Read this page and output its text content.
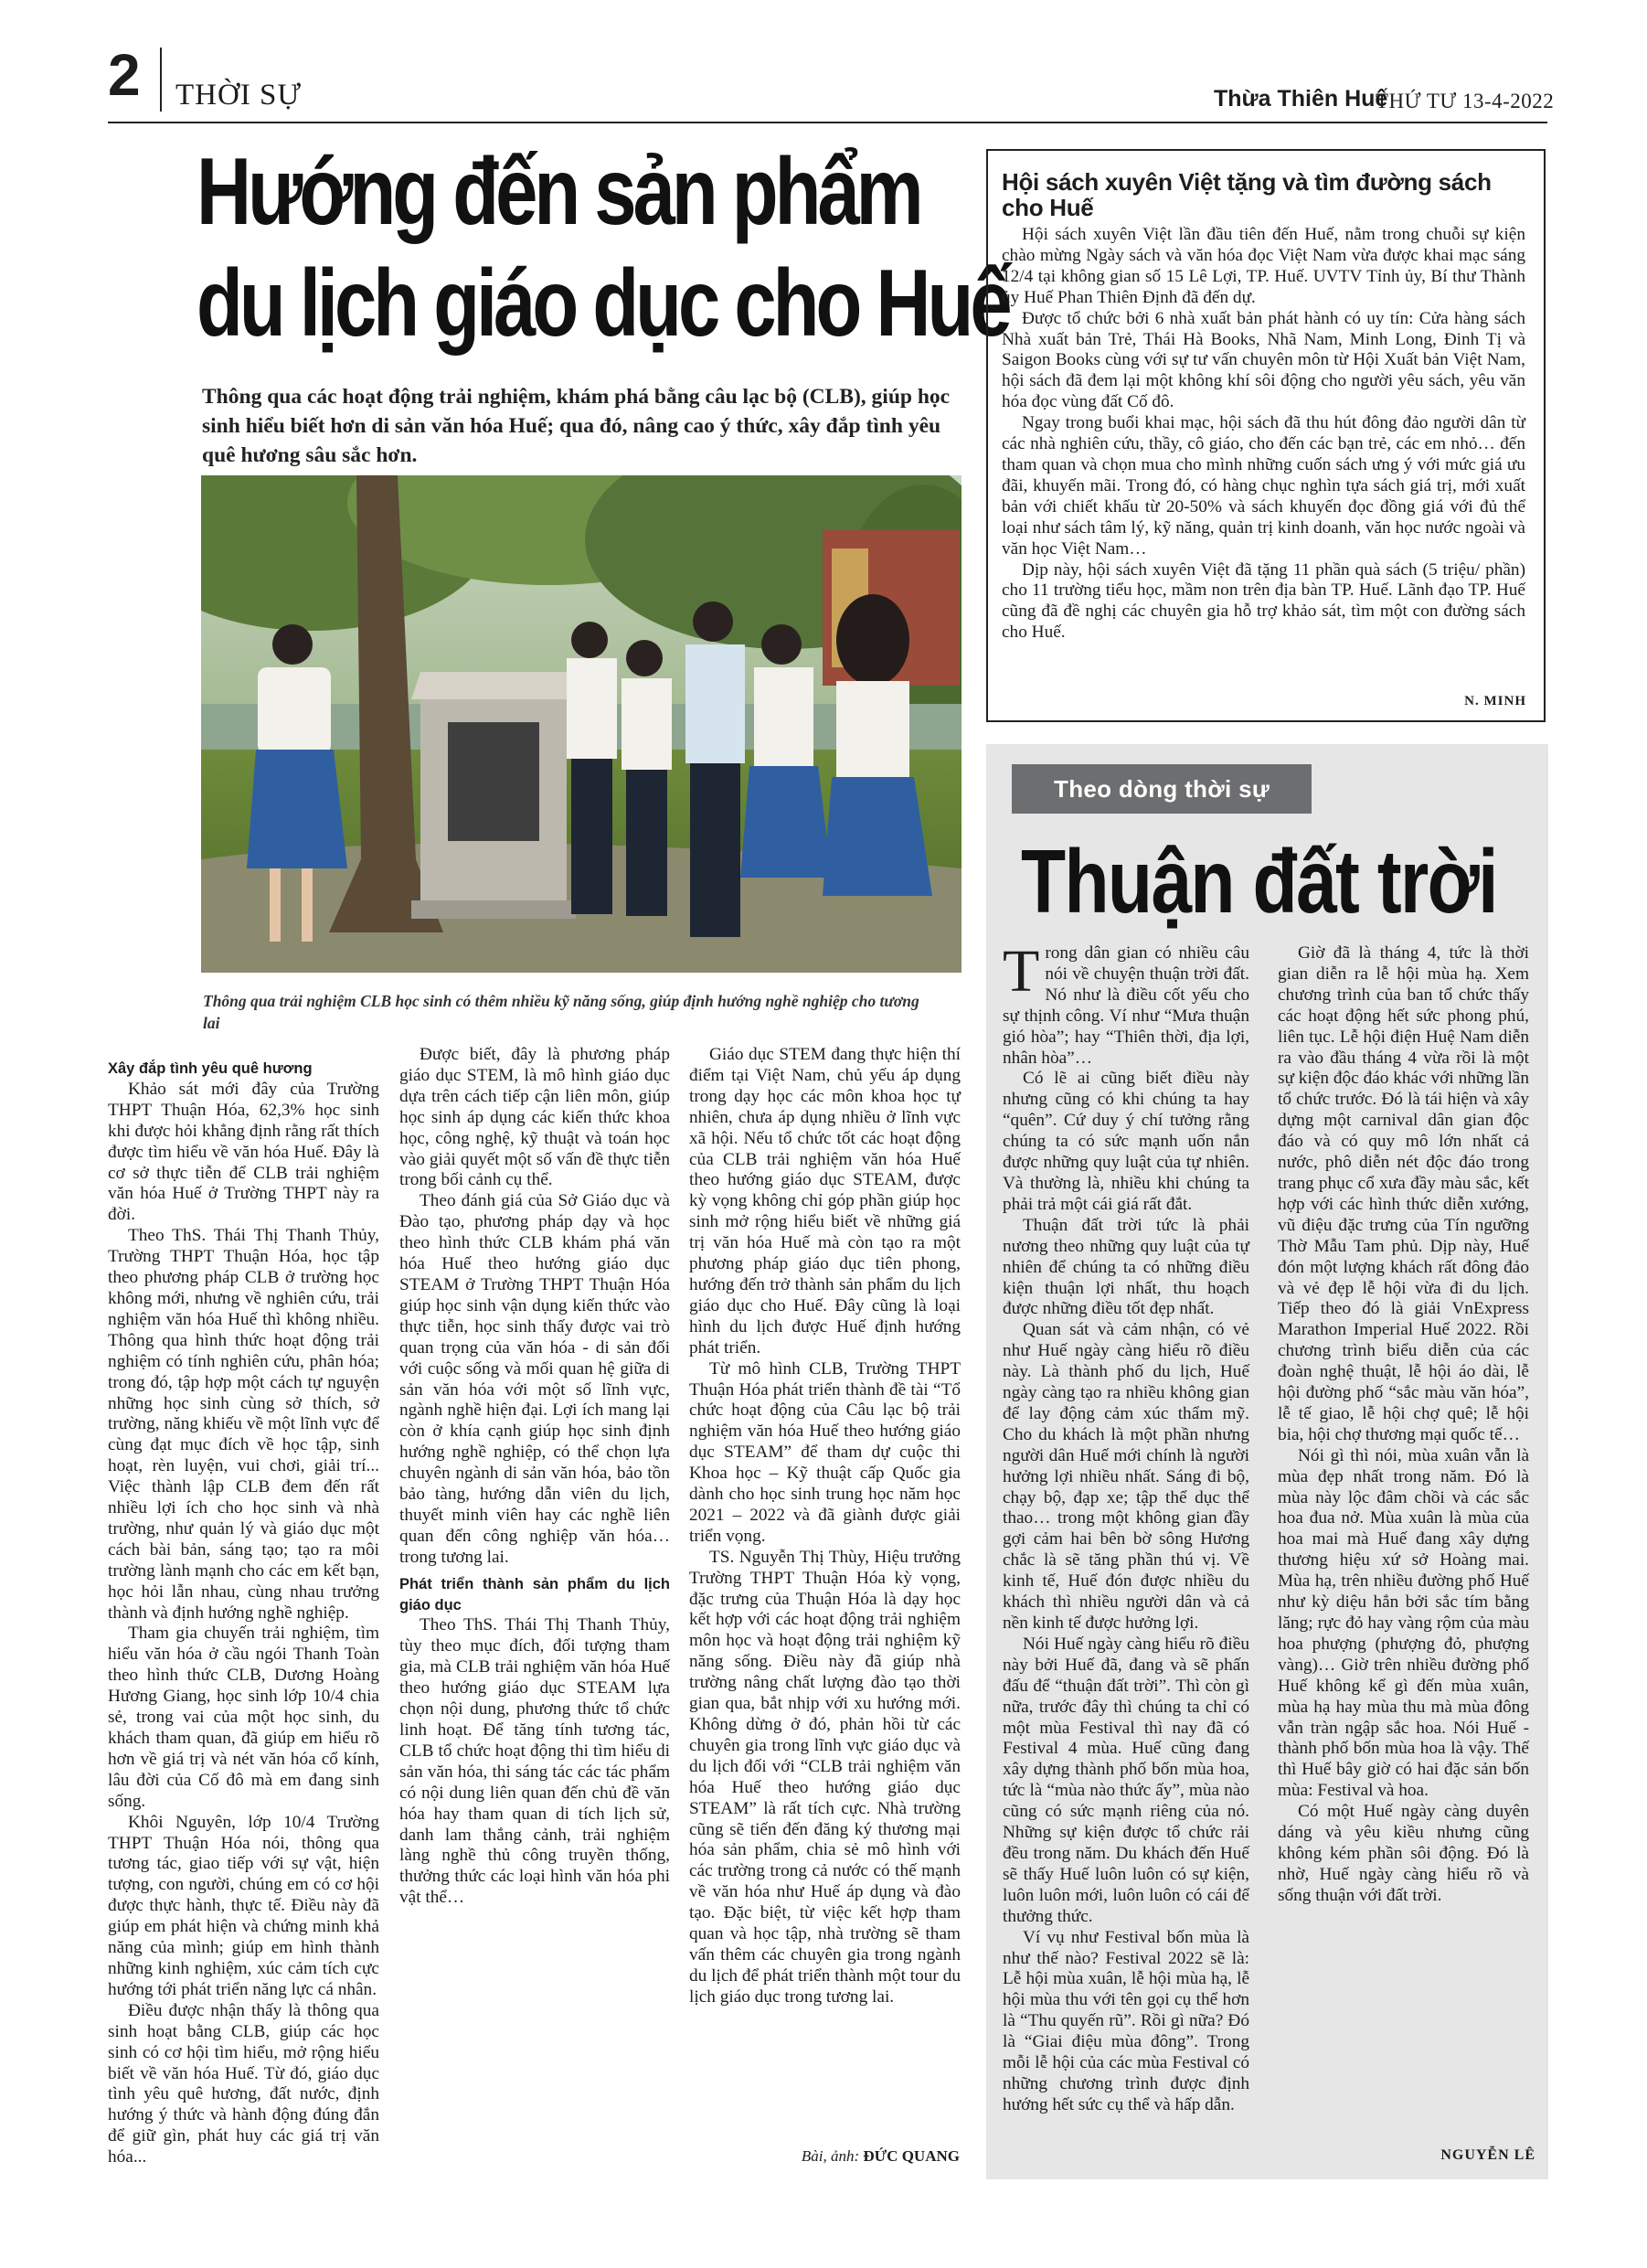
2 THỜI SỰ	Thừa Thiên Huế
THỨ TƯ 13-4-2022
Hướng đến sản phẩm
du lịch giáo dục cho Huế
Thông qua các hoạt động trải nghiệm, khám phá bằng câu lạc bộ (CLB), giúp học sinh hiểu biết hơn di sản văn hóa Huế; qua đó, nâng cao ý thức, xây đắp tình yêu quê hương sâu sắc hơn.
Thông qua trải nghiệm CLB học sinh có thêm nhiều kỹ năng sống, giúp định hướng nghề nghiệp cho tương lai

Xây đắp tình yêu quê hương

Khảo sát mới đây của Trường THPT Thuận Hóa, 62,3% học sinh khi được hỏi khẳng định rằng rất thích được tìm hiểu về văn hóa Huế. Đây là cơ sở thực tiễn để CLB trải nghiệm văn hóa Huế ở Trường THPT này ra đời.

Theo ThS. Thái Thị Thanh Thủy, Trường THPT Thuận Hóa, học tập theo phương pháp CLB ở trường học không mới, nhưng về nghiên cứu, trải nghiệm văn hóa Huế thì không nhiều. Thông qua hình thức hoạt động trải nghiệm có tính nghiên cứu, phân hóa; trong đó, tập hợp một cách tự nguyện những học sinh cùng sở thích, sở trường, năng khiếu về một lĩnh vực để cùng đạt mục đích về học tập, sinh hoạt, rèn luyện, vui chơi, giải trí... Việc thành lập CLB đem đến rất nhiều lợi ích cho học sinh và nhà trường, như quản lý và giáo dục một cách bài bản, sáng tạo; tạo ra môi trường lành mạnh cho các em kết bạn, học hỏi lẫn nhau, cùng nhau trưởng thành và định hướng nghề nghiệp.

Tham gia chuyến trải nghiệm, tìm hiểu văn hóa ở cầu ngói Thanh Toàn theo hình thức CLB, Dương Hoàng Hương Giang, học sinh lớp 10/4 chia sẻ, trong vai của một học sinh, du khách tham quan, đã giúp em hiểu rõ hơn về giá trị và nét văn hóa cổ kính, lâu đời của Cố đô mà em đang sinh sống.

Khôi Nguyên, lớp 10/4 Trường THPT Thuận Hóa nói, thông qua tương tác, giao tiếp với sự vật, hiện tượng, con người, chúng em có cơ hội được thực hành, thực tế. Điều này đã giúp em phát hiện và chứng minh khả năng của mình; giúp em hình thành những kinh nghiệm, xúc cảm tích cực hướng tới phát triển năng lực cá nhân.

Điều được nhận thấy là thông qua sinh hoạt bằng CLB, giúp các học sinh có cơ hội tìm hiểu, mở rộng hiểu biết về văn hóa Huế. Từ đó, giáo dục tình yêu quê hương, đất nước, định hướng ý thức và hành động đúng đắn để giữ gìn, phát huy các giá trị văn hóa...

Được biết, đây là phương pháp giáo dục STEM, là mô hình giáo dục dựa trên cách tiếp cận liên môn, giúp học sinh áp dụng các kiến thức khoa học, công nghệ, kỹ thuật và toán học vào giải quyết một số vấn đề thực tiễn trong bối cảnh cụ thể.

Theo đánh giá của Sở Giáo dục và Đào tạo, phương pháp dạy và học theo hình thức CLB khám phá văn hóa Huế theo hướng giáo dục STEAM ở Trường THPT Thuận Hóa giúp học sinh vận dụng kiến thức vào thực tiễn, học sinh thấy được vai trò quan trọng của văn hóa - di sản đối với cuộc sống và mối quan hệ giữa di sản văn hóa với một số lĩnh vực, ngành nghề hiện đại. Lợi ích mang lại còn ở khía cạnh giúp học sinh định hướng nghề nghiệp, có thể chọn lựa chuyên ngành di sản văn hóa, bảo tồn bảo tàng, hướng dẫn viên du lịch, thuyết minh viên hay các nghề liên quan đến công nghiệp văn hóa… trong tương lai.

Phát triển thành sản phẩm du lịch giáo dục

Theo ThS. Thái Thị Thanh Thủy, tùy theo mục đích, đối tượng tham gia, mà CLB trải nghiệm văn hóa Huế theo hướng giáo dục STEAM lựa chọn nội dung, phương thức tổ chức linh hoạt. Để tăng tính tương tác, CLB tổ chức hoạt động thi tìm hiểu di sản văn hóa, thi sáng tác các tác phẩm có nội dung liên quan đến chủ đề văn hóa hay tham quan di tích lịch sử, danh lam thắng cảnh, trải nghiệm làng nghề thủ công truyền thống, thưởng thức các loại hình văn hóa phi vật thể…

Giáo dục STEM đang thực hiện thí điểm tại Việt Nam, chủ yếu áp dụng trong dạy học các môn khoa học tự nhiên, chưa áp dụng nhiều ở lĩnh vực xã hội. Nếu tổ chức tốt các hoạt động của CLB trải nghiệm văn hóa Huế theo hướng giáo dục STEAM, được kỳ vọng không chỉ góp phần giúp học sinh mở rộng hiểu biết về những giá trị văn hóa Huế mà còn tạo ra một phương pháp giáo dục tiên phong, hướng đến trở thành sản phẩm du lịch giáo dục cho Huế. Đây cũng là loại hình du lịch được Huế định hướng phát triển.

Từ mô hình CLB, Trường THPT Thuận Hóa phát triển thành đề tài “Tổ chức hoạt động của Câu lạc bộ trải nghiệm văn hóa Huế theo hướng giáo dục STEAM” để tham dự cuộc thi Khoa học – Kỹ thuật cấp Quốc gia dành cho học sinh trung học năm học 2021 – 2022 và đã giành được giải triển vọng.

TS. Nguyễn Thị Thùy, Hiệu trưởng Trường THPT Thuận Hóa kỳ vọng, đặc trưng của Thuận Hóa là dạy học kết hợp với các hoạt động trải nghiệm môn học và hoạt động trải nghiệm kỹ năng sống. Điều này đã giúp nhà trường nâng chất lượng đào tạo thời gian qua, bắt nhịp với xu hướng mới. Không dừng ở đó, phản hồi từ các chuyên gia trong lĩnh vực giáo dục và du lịch đối với “CLB trải nghiệm văn hóa Huế theo hướng giáo dục STEAM” là rất tích cực. Nhà trường cũng sẽ tiến đến đăng ký thương mại hóa sản phẩm, chia sẻ mô hình với các trường trong cả nước có thế mạnh về văn hóa như Huế áp dụng và đào tạo. Đặc biệt, từ việc kết hợp tham quan và học tập, nhà trường sẽ tham vấn thêm các chuyên gia trong ngành du lịch để phát triển thành một tour du lịch giáo dục trong tương lai.

Bài, ảnh: ĐỨC QUANG
Hội sách xuyên Việt tặng và tìm đường sách cho Huế

Hội sách xuyên Việt lần đầu tiên đến Huế, nằm trong chuỗi sự kiện chào mừng Ngày sách và văn hóa đọc Việt Nam vừa được khai mạc sáng 12/4 tại không gian số 15 Lê Lợi, TP. Huế. UVTV Tỉnh ủy, Bí thư Thành ủy Huế Phan Thiên Định đã đến dự.

Được tổ chức bởi 6 nhà xuất bản phát hành có uy tín: Cửa hàng sách Nhà xuất bản Trẻ, Thái Hà Books, Nhã Nam, Minh Long, Đinh Tị và Saigon Books cùng với sự tư vấn chuyên môn từ Hội Xuất bản Việt Nam, hội sách đã đem lại một không khí sôi động cho người yêu sách, yêu văn hóa đọc vùng đất Cố đô.

Ngay trong buổi khai mạc, hội sách đã thu hút đông đảo người dân từ các nhà nghiên cứu, thầy, cô giáo, cho đến các bạn trẻ, các em nhỏ… đến tham quan và chọn mua cho mình những cuốn sách ưng ý với mức giá ưu đãi, khuyến mãi. Trong đó, có hàng chục nghìn tựa sách giá trị, mới xuất bản với chiết khấu từ 20-50% và sách khuyến đọc đồng giá với đủ thể loại như sách tâm lý, kỹ năng, quản trị kinh doanh, văn học nước ngoài và văn học Việt Nam…

Dịp này, hội sách xuyên Việt đã tặng 11 phần quà sách (5 triệu/ phần) cho 11 trường tiểu học, mầm non trên địa bàn TP. Huế. Lãnh đạo TP. Huế cũng đã đề nghị các chuyên gia hỗ trợ khảo sát, tìm một con đường sách cho Huế.

N. MINH
Theo dòng thời sự
Thuận đất trời

Trong dân gian có nhiều câu nói về chuyện thuận trời đất. Nó như là điều cốt yếu cho sự thịnh công. Ví như “Mưa thuận gió hòa”; hay “Thiên thời, địa lợi, nhân hòa”…

Có lẽ ai cũng biết điều này nhưng cũng có khi chúng ta hay “quên”. Cứ duy ý chí tưởng rằng chúng ta có sức mạnh uốn nắn được những quy luật của tự nhiên. Và thường là, nhiều khi chúng ta phải trả một cái giá rất đắt.

Thuận đất trời tức là phải nương theo những quy luật của tự nhiên để chúng ta có những điều kiện thuận lợi nhất, thu hoạch được những điều tốt đẹp nhất.

Quan sát và cảm nhận, có vẻ như Huế ngày càng hiểu rõ điều này. Là thành phố du lịch, Huế ngày càng tạo ra nhiều không gian để lay động cảm xúc thẩm mỹ. Cho du khách là một phần nhưng người dân Huế mới chính là người hưởng lợi nhiều nhất. Sáng đi bộ, chạy bộ, đạp xe; tập thể dục thể thao… trong một không gian đầy gợi cảm hai bên bờ sông Hương chắc là sẽ tăng phần thú vị. Về kinh tế, Huế đón được nhiều du khách thì nhiều người dân và cả nền kinh tế được hưởng lợi.

Nói Huế ngày càng hiểu rõ điều này bởi Huế đã, đang và sẽ phấn đấu để “thuận đất trời”. Thì còn gì nữa, trước đây thì chúng ta chỉ có một mùa Festival thì nay đã có Festival 4 mùa. Huế cũng đang xây dựng thành phố bốn mùa hoa, tức là “mùa nào thức ấy”, mùa nào cũng có sức mạnh riêng của nó. Những sự kiện được tổ chức rải đều trong năm. Du khách đến Huế sẽ thấy Huế luôn luôn có sự kiện, luôn luôn mới, luôn luôn có cái để thưởng thức.

Ví vụ như Festival bốn mùa là như thế nào? Festival 2022 sẽ là: Lễ hội mùa xuân, lễ hội mùa hạ, lễ hội mùa thu với tên gọi cụ thể hơn là “Thu quyến rũ”. Rồi gì nữa? Đó là “Giai điệu mùa đông”. Trong mỗi lễ hội của các mùa Festival có những chương trình được định hướng hết sức cụ thể và hấp dẫn.

Giờ đã là tháng 4, tức là thời gian diễn ra lễ hội mùa hạ. Xem chương trình của ban tổ chức thấy các hoạt động hết sức phong phú, liên tục. Lễ hội điện Huệ Nam diễn ra vào đầu tháng 4 vừa rồi là một sự kiện độc đáo khác với những lần tổ chức trước. Đó là tái hiện và xây dựng một carnival dân gian độc đáo và có quy mô lớn nhất cả nước, phô diễn nét độc đáo trong trang phục cổ xưa đầy màu sắc, kết hợp với các hình thức diễn xướng, vũ điệu đặc trưng của Tín ngưỡng Thờ Mẫu Tam phủ. Dịp này, Huế đón một lượng khách rất đông đảo và vẻ đẹp lễ hội vừa đi du lịch. Tiếp theo đó là giải VnExpress Marathon Imperial Huế 2022. Rồi chương trình biểu diễn của các đoàn nghệ thuật, lễ hội áo dài, lễ hội đường phố “sắc màu văn hóa”, lễ tế giao, lễ hội chợ quê; lễ hội bia, hội chợ thương mại quốc tế…

Nói gì thì nói, mùa xuân vẫn là mùa đẹp nhất trong năm. Đó là mùa này lộc đâm chồi và các sắc hoa đua nở. Mùa xuân là mùa của hoa mai mà Huế đang xây dựng thương hiệu xứ sở Hoàng mai. Mùa hạ, trên nhiều đường phố Huế như kỳ diệu hẳn bởi sắc tím bằng lăng; rực đỏ hay vàng rộm của màu hoa phượng (phượng đỏ, phượng vàng)… Giờ trên nhiều đường phố Huế không kể gì đến mùa xuân, mùa hạ hay mùa thu mà mùa đông vẫn tràn ngập sắc hoa. Nói Huế - thành phố bốn mùa hoa là vậy. Thế thì Huế bây giờ có hai đặc sản bốn mùa: Festival và hoa.

Có một Huế ngày càng duyên dáng và yêu kiều nhưng cũng không kém phần sôi động. Đó là nhờ, Huế ngày càng hiểu rõ và sống thuận với đất trời.

NGUYỄN LÊ
